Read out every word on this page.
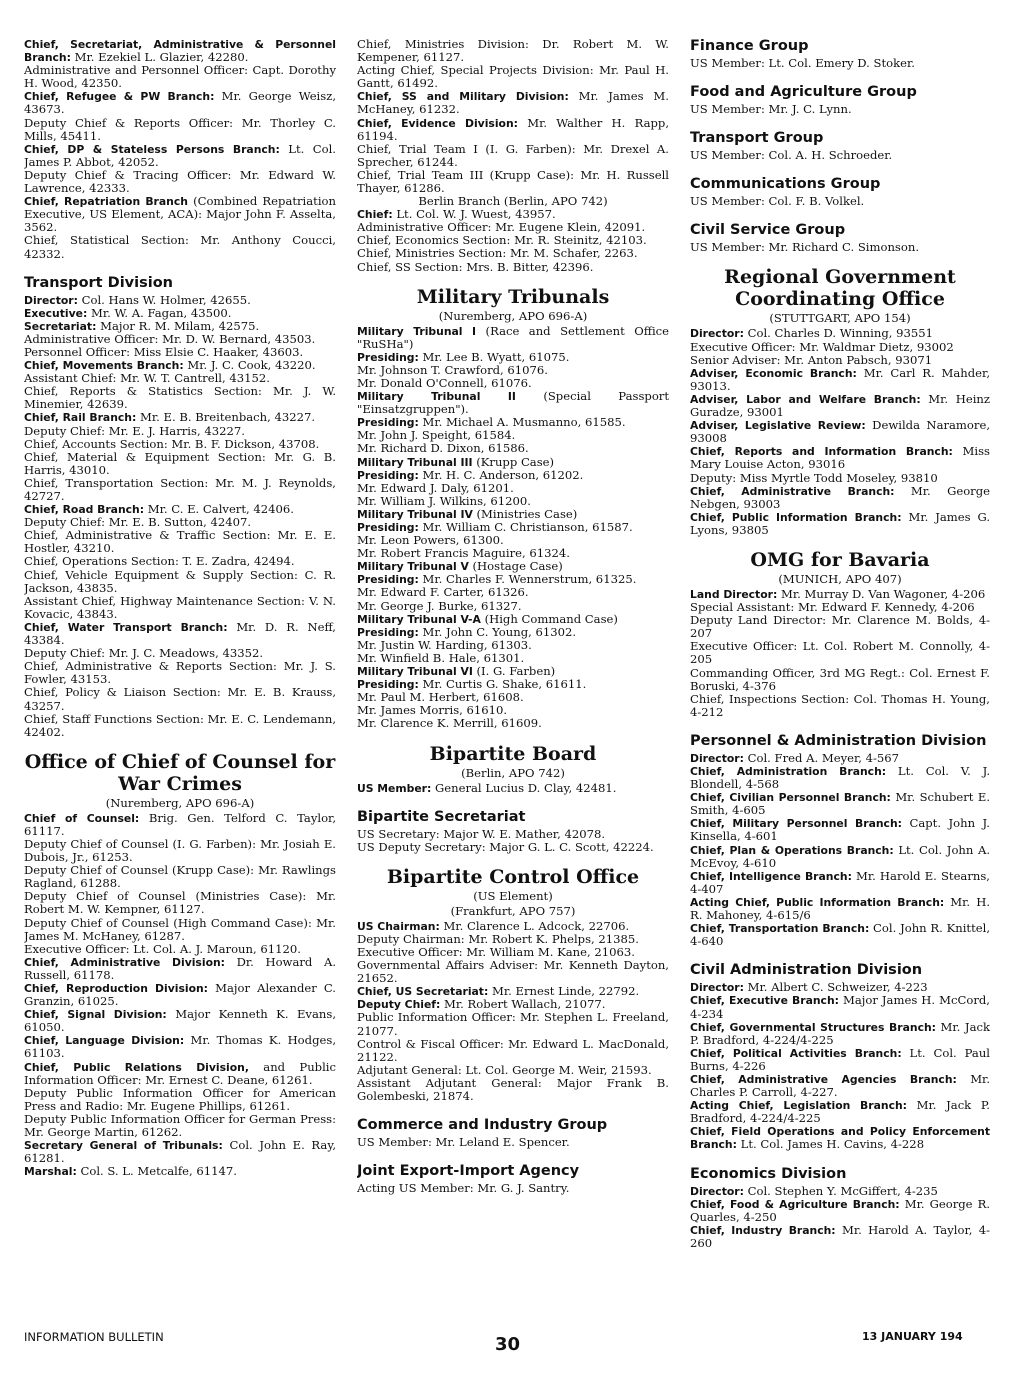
Chief, Secretariat, Administrative & Personnel Branch: Mr. Ezekiel L. Glazier, 42280.

Administrative and Personnel Officer: Capt. Dorothy H. Wood, 42350.

Chief, Refugee & PW Branch: Mr. George Weisz, 43673.

Deputy Chief & Reports Officer: Mr. Thorley C. Mills, 45411.

Chief, DP & Stateless Persons Branch: Lt. Col. James P. Abbot, 42052.

Deputy Chief & Tracing Officer: Mr. Edward W. Lawrence, 42333.

Chief, Repatriation Branch (Combined Repatriation Executive, US Element, ACA): Major John F. Asselta, 3562.

Chief, Statistical Section: Mr. Anthony Coucci, 42332.

Transport Division

Director: Col. Hans W. Holmer, 42655.

Executive: Mr. W. A. Fagan, 43500.

Secretariat: Major R. M. Milam, 42575.

Administrative Officer: Mr. D. W. Bernard, 43503.

Personnel Officer: Miss Elsie C. Haaker, 43603.

Chief, Movements Branch: Mr. J. C. Cook, 43220.

Assistant Chief: Mr. W. T. Cantrell, 43152.

Chief, Reports & Statistics Section: Mr. J. W. Minemier, 42639.

Chief, Rail Branch: Mr. E. B. Breitenbach, 43227.

Deputy Chief: Mr. E. J. Harris, 43227.

Chief, Accounts Section: Mr. B. F. Dickson, 43708.

Chief, Material & Equipment Section: Mr. G. B. Harris, 43010.

Chief, Transportation Section: Mr. M. J. Reynolds, 42727.

Chief, Road Branch: Mr. C. E. Calvert, 42406.

Deputy Chief: Mr. E. B. Sutton, 42407.

Chief, Administrative & Traffic Section: Mr. E. E. Hostler, 43210.

Chief, Operations Section: T. E. Zadra, 42494.

Chief, Vehicle Equipment & Supply Section: C. R. Jackson, 43835.

Assistant Chief, Highway Maintenance Section: V. N. Kovacic, 43843.

Chief, Water Transport Branch: Mr. D. R. Neff, 43384.

Deputy Chief: Mr. J. C. Meadows, 43352.

Chief, Administrative & Reports Section: Mr. J. S. Fowler, 43153.

Chief, Policy & Liaison Section: Mr. E. B. Krauss, 43257.

Chief, Staff Functions Section: Mr. E. C. Lendemann, 42402.

Office of Chief of Counsel for War Crimes
(Nuremberg, APO 696-A)

Chief of Counsel: Brig. Gen. Telford C. Taylor, 61117.

Deputy Chief of Counsel (I. G. Farben): Mr. Josiah E. Dubois, Jr., 61253.

Deputy Chief of Counsel (Krupp Case): Mr. Rawlings Ragland, 61288.

Deputy Chief of Counsel (Ministries Case): Mr. Robert M. W. Kempner, 61127.

Deputy Chief of Counsel (High Command Case): Mr. James M. McHaney, 61287.

Executive Officer: Lt. Col. A. J. Maroun, 61120.

Chief, Administrative Division: Dr. Howard A. Russell, 61178.

Chief, Reproduction Division: Major Alexander C. Granzin, 61025.

Chief, Signal Division: Major Kenneth K. Evans, 61050.

Chief, Language Division: Mr. Thomas K. Hodges, 61103.

Chief, Public Relations Division, and Public Information Officer: Mr. Ernest C. Deane, 61261.

Deputy Public Information Officer for American Press and Radio: Mr. Eugene Phillips, 61261.

Deputy Public Information Officer for German Press: Mr. George Martin, 61262.

Secretary General of Tribunals: Col. John E. Ray, 61281.

Marshal: Col. S. L. Metcalfe, 61147.

Chief, Ministries Division: Dr. Robert M. W. Kempener, 61127.

Acting Chief, Special Projects Division: Mr. Paul H. Gantt, 61492.

Chief, SS and Military Division: Mr. James M. McHaney, 61232.

Chief, Evidence Division: Mr. Walther H. Rapp, 61194.

Chief, Trial Team I (I. G. Farben): Mr. Drexel A. Sprecher, 61244.

Chief, Trial Team III (Krupp Case): Mr. H. Russell Thayer, 61286.

Berlin Branch (Berlin, APO 742)

Chief: Lt. Col. W. J. Wuest, 43957.

Administrative Officer: Mr. Eugene Klein, 42091.

Chief, Economics Section: Mr. R. Steinitz, 42103.

Chief, Ministries Section: Mr. M. Schafer, 2263.

Chief, SS Section: Mrs. B. Bitter, 42396.

Military Tribunals
(Nuremberg, APO 696-A)

Military Tribunal I (Race and Settlement Office "RuSHa")

Presiding: Mr. Lee B. Wyatt, 61075.

Mr. Johnson T. Crawford, 61076.

Mr. Donald O'Connell, 61076.

Military Tribunal II (Special Passport "Einsatzgruppen").

Presiding: Mr. Michael A. Musmanno, 61585.

Mr. John J. Speight, 61584.

Mr. Richard D. Dixon, 61586.

Military Tribunal III (Krupp Case)

Presiding: Mr. H. C. Anderson, 61202.

Mr. Edward J. Daly, 61201.

Mr. William J. Wilkins, 61200.

Military Tribunal IV (Ministries Case)

Presiding: Mr. William C. Christianson, 61587.

Mr. Leon Powers, 61300.

Mr. Robert Francis Maguire, 61324.

Military Tribunal V (Hostage Case)

Presiding: Mr. Charles F. Wennerstrum, 61325.

Mr. Edward F. Carter, 61326.

Mr. George J. Burke, 61327.

Military Tribunal V-A (High Command Case)

Presiding: Mr. John C. Young, 61302.

Mr. Justin W. Harding, 61303.

Mr. Winfield B. Hale, 61301.

Military Tribunal VI (I. G. Farben)

Presiding: Mr. Curtis G. Shake, 61611.

Mr. Paul M. Herbert, 61608.

Mr. James Morris, 61610.

Mr. Clarence K. Merrill, 61609.

Bipartite Board
(Berlin, APO 742)

US Member: General Lucius D. Clay, 42481.

Bipartite Secretariat

US Secretary: Major W. E. Mather, 42078.

US Deputy Secretary: Major G. L. C. Scott, 42224.

Bipartite Control Office
(US Element)
(Frankfurt, APO 757)

US Chairman: Mr. Clarence L. Adcock, 22706.

Deputy Chairman: Mr. Robert K. Phelps, 21385.

Executive Officer: Mr. William M. Kane, 21063.

Governmental Affairs Adviser: Mr. Kenneth Dayton, 21652.

Chief, US Secretariat: Mr. Ernest Linde, 22792.

Deputy Chief: Mr. Robert Wallach, 21077.

Public Information Officer: Mr. Stephen L. Freeland, 21077.

Control & Fiscal Officer: Mr. Edward L. MacDonald, 21122.

Adjutant General: Lt. Col. George M. Weir, 21593.

Assistant Adjutant General: Major Frank B. Golembeski, 21874.

Commerce and Industry Group

US Member: Mr. Leland E. Spencer.

Joint Export-Import Agency

Acting US Member: Mr. G. J. Santry.

Finance Group

US Member: Lt. Col. Emery D. Stoker.

Food and Agriculture Group

US Member: Mr. J. C. Lynn.

Transport Group

US Member: Col. A. H. Schroeder.

Communications Group

US Member: Col. F. B. Volkel.

Civil Service Group

US Member: Mr. Richard C. Simonson.

Regional Government Coordinating Office
(STUTTGART, APO 154)

Director: Col. Charles D. Winning, 93551

Executive Officer: Mr. Waldmar Dietz, 93002

Senior Adviser: Mr. Anton Pabsch, 93071

Adviser, Economic Branch: Mr. Carl R. Mahder, 93013.

Adviser, Labor and Welfare Branch: Mr. Heinz Guradze, 93001

Adviser, Legislative Review: Dewilda Naramore, 93008

Chief, Reports and Information Branch: Miss Mary Louise Acton, 93016

Deputy: Miss Myrtle Todd Moseley, 93810

Chief, Administrative Branch: Mr. George Nebgen, 93003

Chief, Public Information Branch: Mr. James G. Lyons, 93805

OMG for Bavaria
(MUNICH, APO 407)

Land Director: Mr. Murray D. Van Wagoner, 4-206

Special Assistant: Mr. Edward F. Kennedy, 4-206

Deputy Land Director: Mr. Clarence M. Bolds, 4-207

Executive Officer: Lt. Col. Robert M. Connolly, 4-205

Commanding Officer, 3rd MG Regt.: Col. Ernest F. Boruski, 4-376

Chief, Inspections Section: Col. Thomas H. Young, 4-212

Personnel & Administration Division

Director: Col. Fred A. Meyer, 4-567

Chief, Administration Branch: Lt. Col. V. J. Blondell, 4-568

Chief, Civilian Personnel Branch: Mr. Schubert E. Smith, 4-605

Chief, Military Personnel Branch: Capt. John J. Kinsella, 4-601

Chief, Plan & Operations Branch: Lt. Col. John A. McEvoy, 4-610

Chief, Intelligence Branch: Mr. Harold E. Stearns, 4-407

Acting Chief, Public Information Branch: Mr. H. R. Mahoney, 4-615/6

Chief, Transportation Branch: Col. John R. Knittel, 4-640

Civil Administration Division

Director: Mr. Albert C. Schweizer, 4-223

Chief, Executive Branch: Major James H. McCord, 4-234

Chief, Governmental Structures Branch: Mr. Jack P. Bradford, 4-224/4-225

Chief, Political Activities Branch: Lt. Col. Paul Burns, 4-226

Chief, Administrative Agencies Branch: Mr. Charles P. Carroll, 4-227.

Acting Chief, Legislation Branch: Mr. Jack P. Bradford, 4-224/4-225

Chief, Field Operations and Policy Enforcement Branch: Lt. Col. James H. Cavins, 4-228

Economics Division

Director: Col. Stephen Y. McGiffert, 4-235

Chief, Food & Agriculture Branch: Mr. George R. Quarles, 4-250

Chief, Industry Branch: Mr. Harold A. Taylor, 4-260

INFORMATION BULLETIN	30	13 JANUARY 194
